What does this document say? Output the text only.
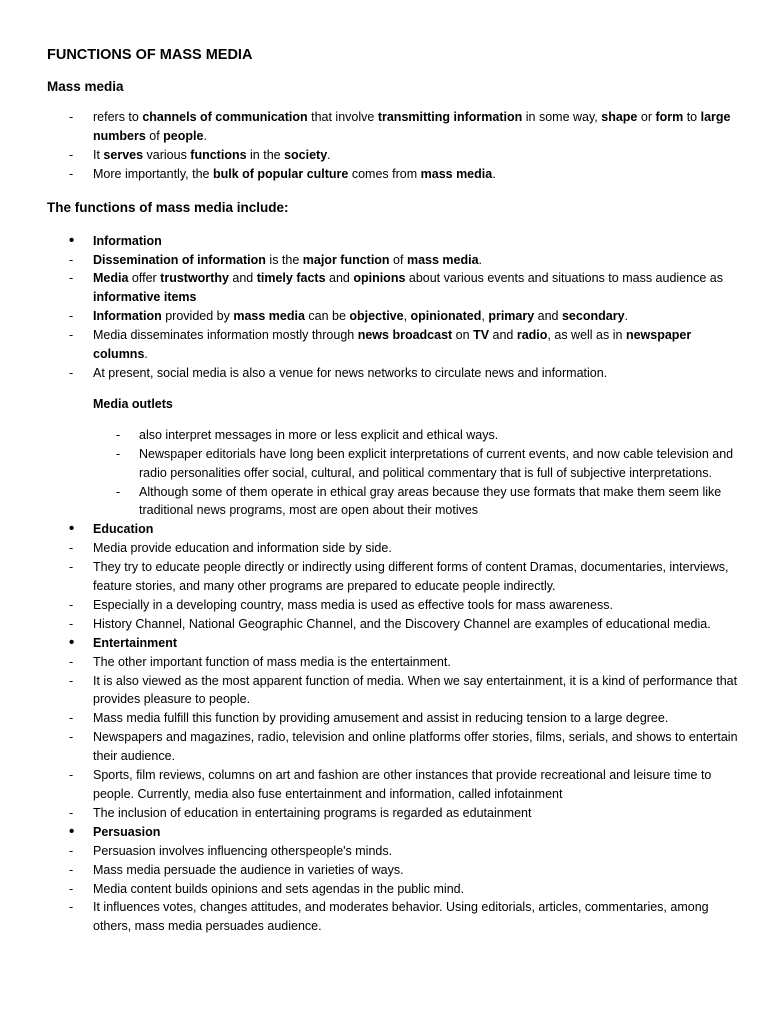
FUNCTIONS OF MASS MEDIA
Mass media
- refers to channels of communication that involve transmitting information in some way, shape or form to large numbers of people.
- It serves various functions in the society.
- More importantly, the bulk of popular culture comes from mass media.
The functions of mass media include:
• Information
- Dissemination of information is the major function of mass media.
- Media offer trustworthy and timely facts and opinions about various events and situations to mass audience as informative items
- Information provided by mass media can be objective, opinionated, primary and secondary.
- Media disseminates information mostly through news broadcast on TV and radio, as well as in newspaper columns.
- At present, social media is also a venue for news networks to circulate news and information.
Media outlets
- also interpret messages in more or less explicit and ethical ways.
- Newspaper editorials have long been explicit interpretations of current events, and now cable television and radio personalities offer social, cultural, and political commentary that is full of subjective interpretations.
- Although some of them operate in ethical gray areas because they use formats that make them seem like traditional news programs, most are open about their motives
• Education
- Media provide education and information side by side.
- They try to educate people directly or indirectly using different forms of content Dramas, documentaries, interviews, feature stories, and many other programs are prepared to educate people indirectly.
- Especially in a developing country, mass media is used as effective tools for mass awareness.
- History Channel, National Geographic Channel, and the Discovery Channel are examples of educational media.
• Entertainment
- The other important function of mass media is the entertainment.
- It is also viewed as the most apparent function of media. When we say entertainment, it is a kind of performance that provides pleasure to people.
- Mass media fulfill this function by providing amusement and assist in reducing tension to a large degree.
- Newspapers and magazines, radio, television and online platforms offer stories, films, serials, and shows to entertain their audience.
- Sports, film reviews, columns on art and fashion are other instances that provide recreational and leisure time to people. Currently, media also fuse entertainment and information, called infotainment
- The inclusion of education in entertaining programs is regarded as edutainment
• Persuasion
- Persuasion involves influencing otherspeople's minds.
- Mass media persuade the audience in varieties of ways.
- Media content builds opinions and sets agendas in the public mind.
- It influences votes, changes attitudes, and moderates behavior. Using editorials, articles, commentaries, among others, mass media persuades audience.
